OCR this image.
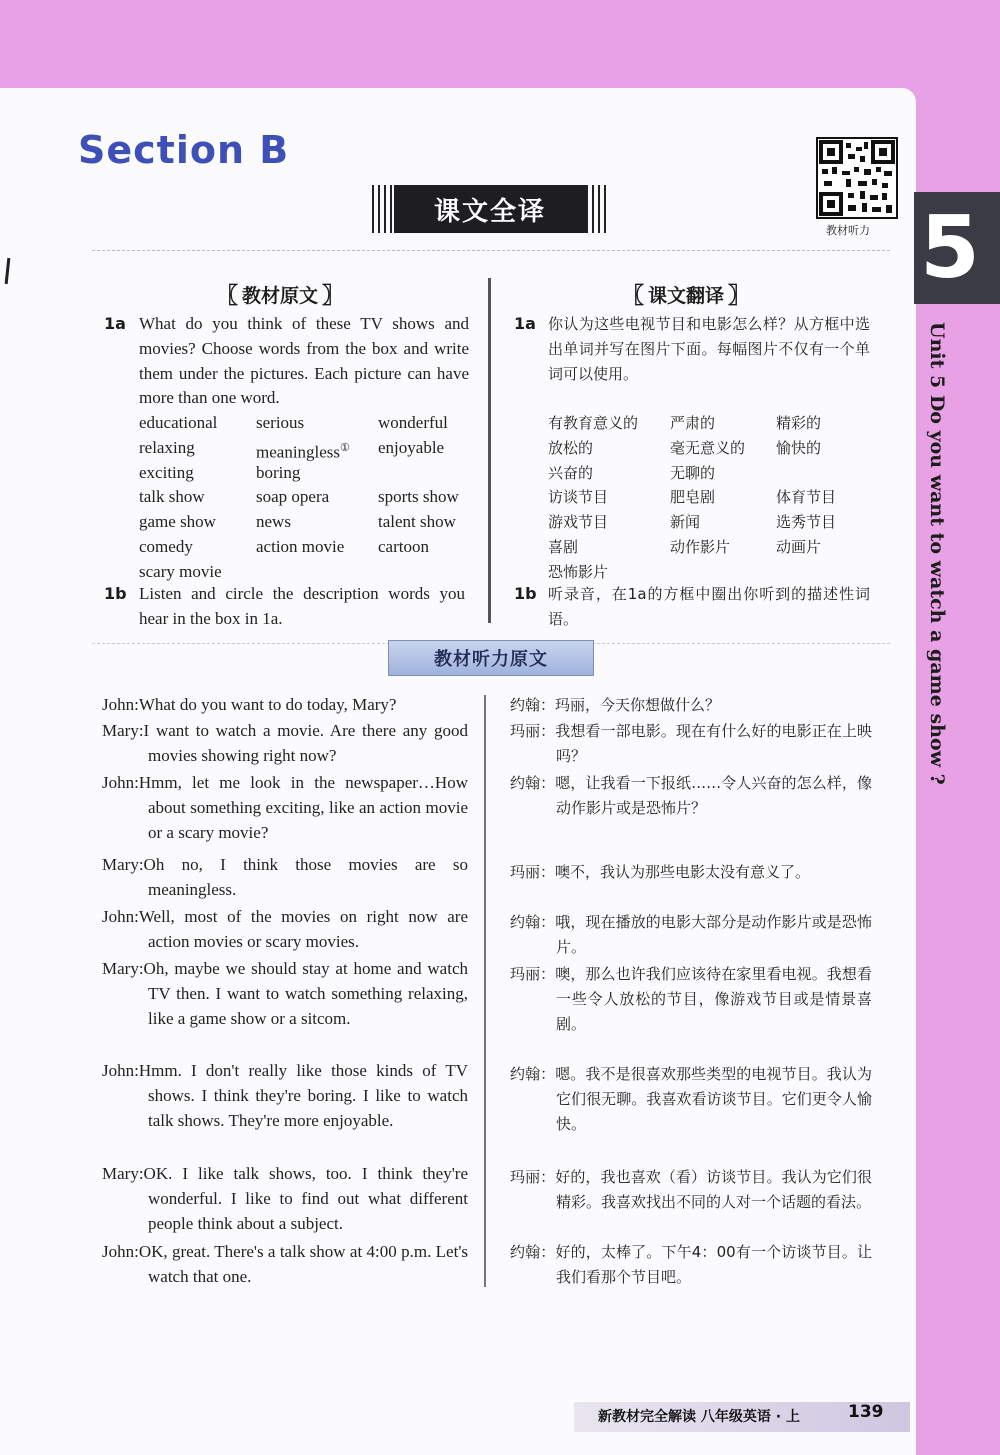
Section B
课文全译
教材听力 5
Unit 5 Do you want to watch a game show ?
〖 教材原文 〗	〖 课文翻译 〗
1a What do you think of these TV shows and movies? Choose words from the box and write them under the pictures. Each picture can have more than one word.
educational	serious	wonderful
relaxing	meaningless①	enjoyable
exciting	boring
talk show	soap opera	sports show
game show	news	talent show
comedy	action movie	cartoon
scary movie
1a 你认为这些电视节目和电影怎么样？从方框中选出单词并写在图片下面。每幅图片不仅有一个单词可以使用。
有教育意义的	严肃的	精彩的
放松的	毫无意义的	愉快的
兴奋的	无聊的
访谈节目	肥皂剧	体育节目
游戏节目	新闻	选秀节目
喜剧	动作影片	动画片
恐怖影片
1b Listen and circle the description words you hear in the box in 1a.
1b 听录音，在1a的方框中圈出你听到的描述性词语。
教材听力原文
John:What do you want to do today, Mary?
Mary:I want to watch a movie. Are there any good movies showing right now?
John:Hmm, let me look in the newspaper…How about something exciting, like an action movie or a scary movie?
Mary:Oh no, I think those movies are so meaningless.
John:Well, most of the movies on right now are action movies or scary movies.
Mary:Oh, maybe we should stay at home and watch TV then. I want to watch something relaxing, like a game show or a sitcom.
John:Hmm. I don't really like those kinds of TV shows. I think they're boring. I like to watch talk shows. They're more enjoyable.
Mary:OK. I like talk shows, too. I think they're wonderful. I like to find out what different people think about a subject.
John:OK, great. There's a talk show at 4:00 p.m. Let's watch that one.
约翰：玛丽，今天你想做什么？
玛丽：我想看一部电影。现在有什么好的电影正在上映吗？
约翰：嗯，让我看一下报纸……令人兴奋的怎么样，像动作影片或是恐怖片？
玛丽：噢不，我认为那些电影太没有意义了。
约翰：哦，现在播放的电影大部分是动作影片或是恐怖片。
玛丽：噢，那么也许我们应该待在家里看电视。我想看一些令人放松的节目，像游戏节目或是情景喜剧。
约翰：嗯。我不是很喜欢那些类型的电视节目。我认为它们很无聊。我喜欢看访谈节目。它们更令人愉快。
玛丽：好的，我也喜欢（看）访谈节目。我认为它们很精彩。我喜欢找出不同的人对一个话题的看法。
约翰：好的，太棒了。下午4：00有一个访谈节目。让我们看那个节目吧。
新教材完全解读 八年级英语 · 上	139
